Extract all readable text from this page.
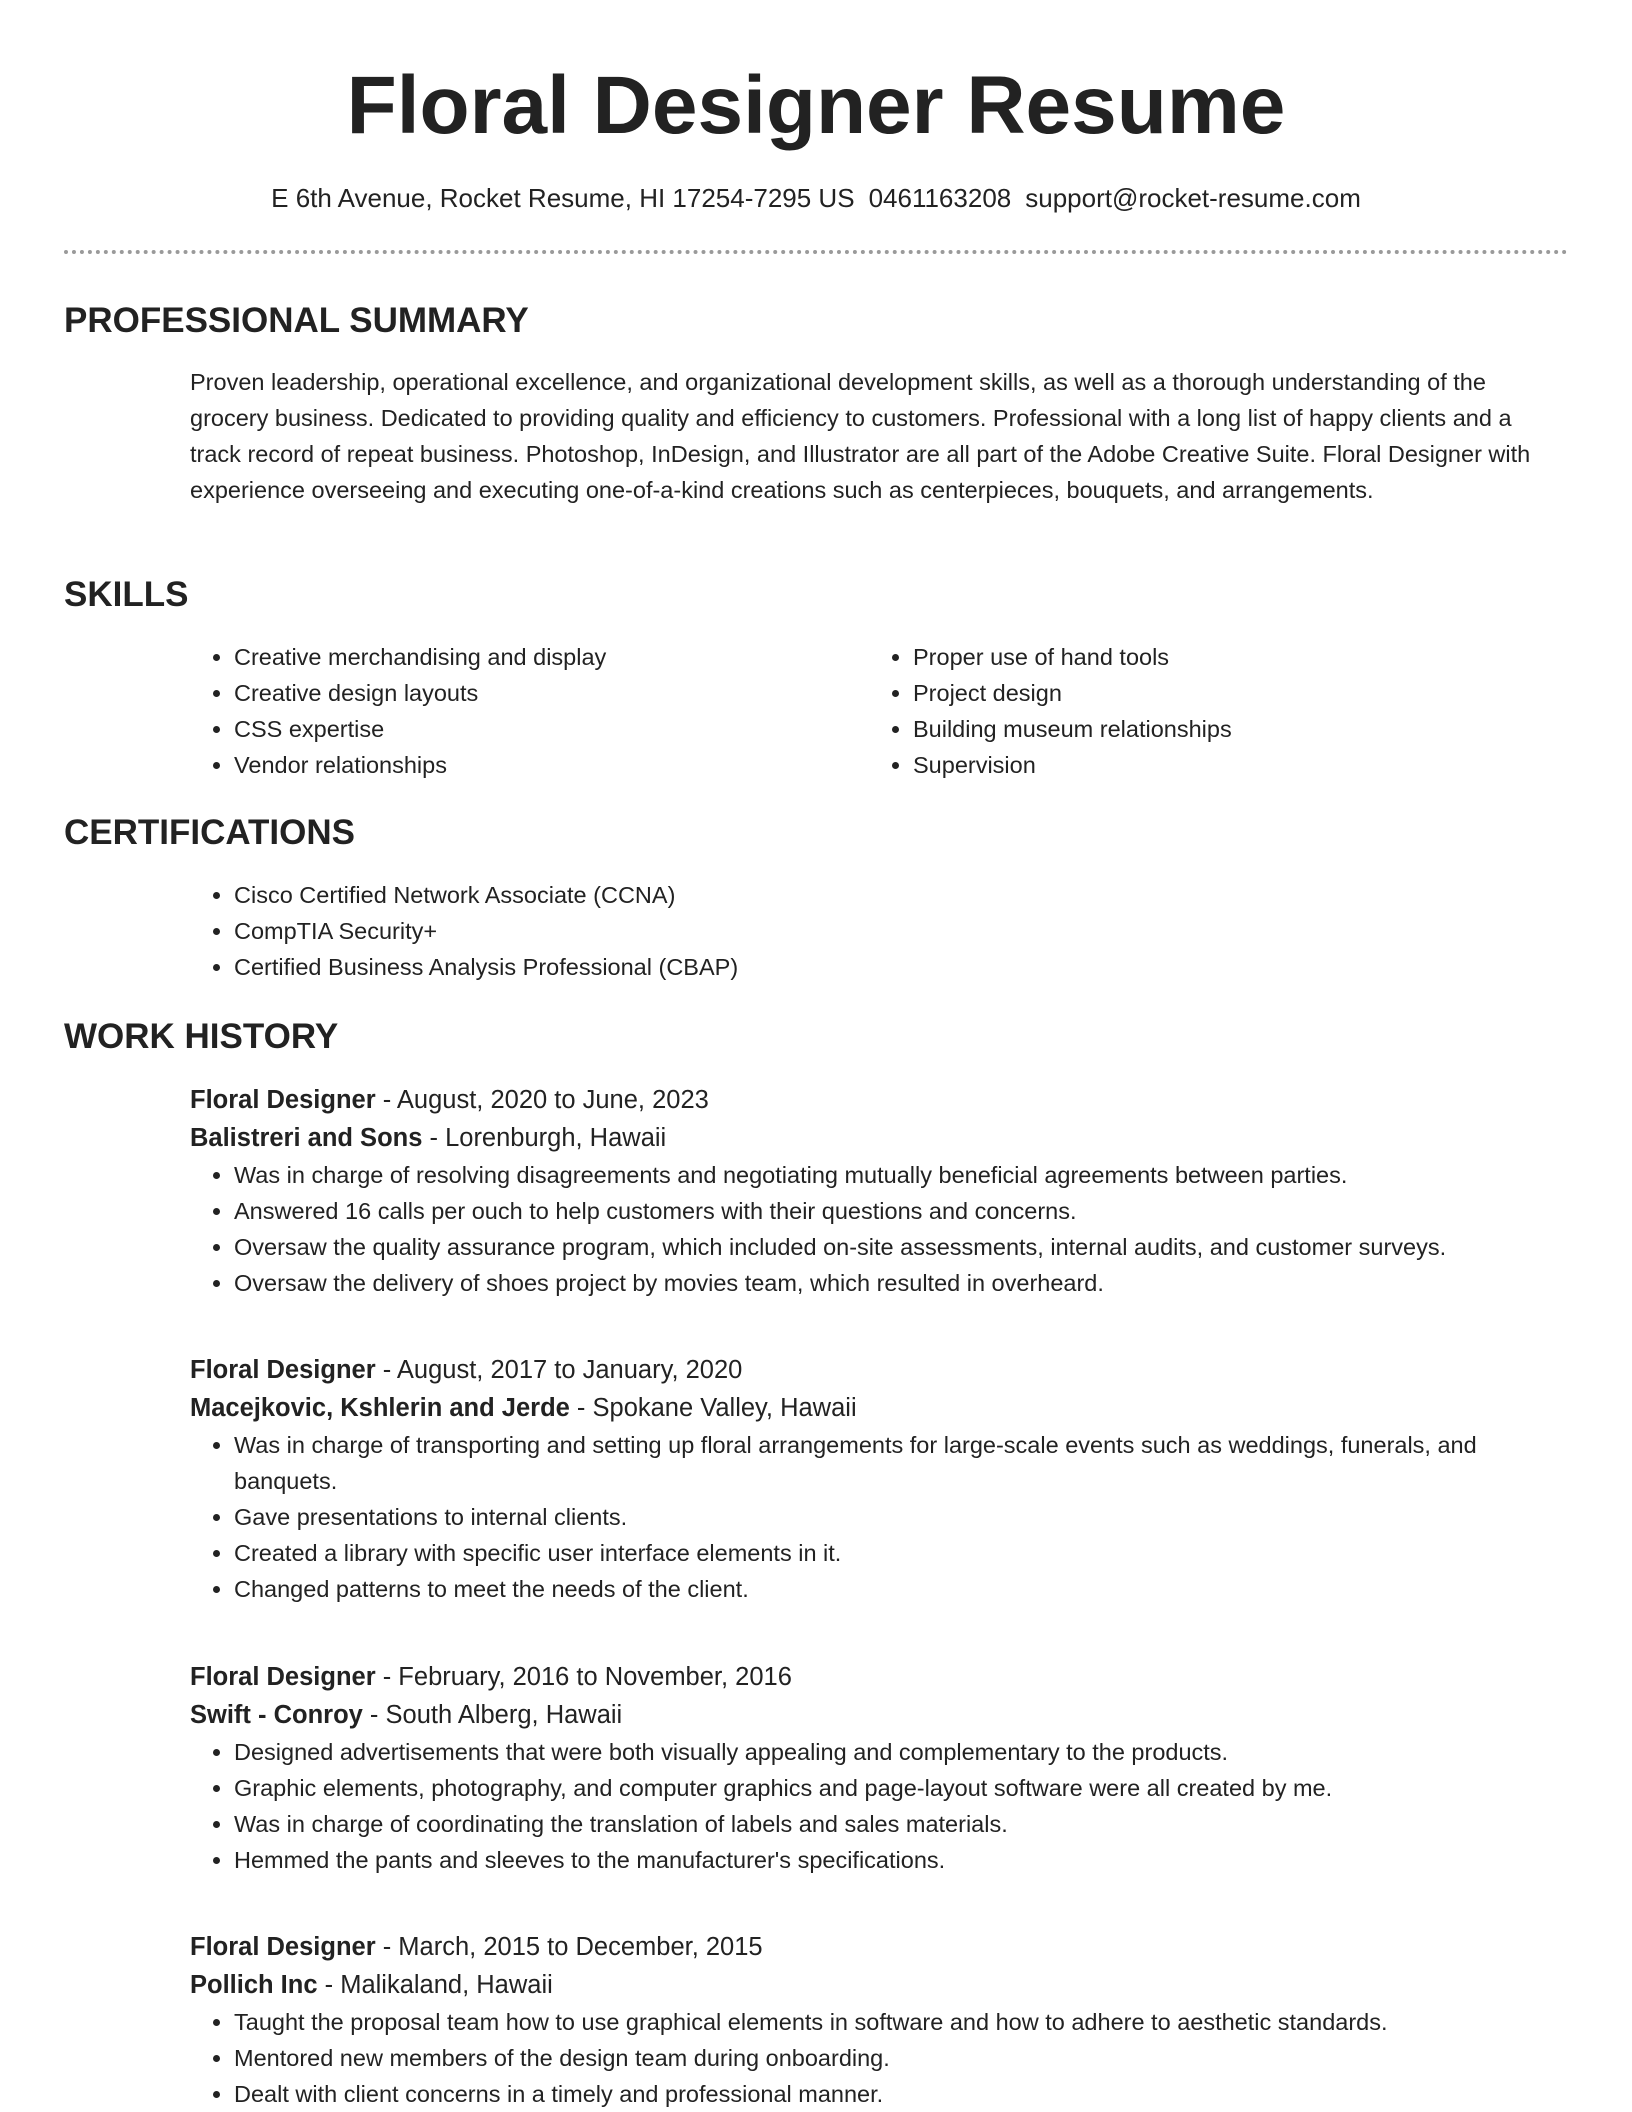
Floral Designer Resume
E 6th Avenue, Rocket Resume, HI 17254-7295 US 0461163208 support@rocket-resume.com
PROFESSIONAL SUMMARY

Proven leadership, operational excellence, and organizational development skills, as well as a thorough understanding of the grocery business. Dedicated to providing quality and efficiency to customers. Professional with a long list of happy clients and a track record of repeat business. Photoshop, InDesign, and Illustrator are all part of the Adobe Creative Suite. Floral Designer with experience overseeing and executing one-of-a-kind creations such as centerpieces, bouquets, and arrangements.

SKILLS
• Creative merchandising and display
• Creative design layouts
• CSS expertise
• Vendor relationships
• Proper use of hand tools
• Project design
• Building museum relationships
• Supervision
CERTIFICATIONS
• Cisco Certified Network Associate (CCNA)
• CompTIA Security+
• Certified Business Analysis Professional (CBAP)
WORK HISTORY
Floral Designer - August, 2020 to June, 2023
Balistreri and Sons - Lorenburgh, Hawaii
• Was in charge of resolving disagreements and negotiating mutually beneficial agreements between parties.
• Answered 16 calls per ouch to help customers with their questions and concerns.
• Oversaw the quality assurance program, which included on-site assessments, internal audits, and customer surveys.
• Oversaw the delivery of shoes project by movies team, which resulted in overheard.
Floral Designer - August, 2017 to January, 2020
Macejkovic, Kshlerin and Jerde - Spokane Valley, Hawaii
• Was in charge of transporting and setting up floral arrangements for large-scale events such as weddings, funerals, and banquets.
• Gave presentations to internal clients.
• Created a library with specific user interface elements in it.
• Changed patterns to meet the needs of the client.
Floral Designer - February, 2016 to November, 2016
Swift - Conroy - South Alberg, Hawaii
• Designed advertisements that were both visually appealing and complementary to the products.
• Graphic elements, photography, and computer graphics and page-layout software were all created by me.
• Was in charge of coordinating the translation of labels and sales materials.
• Hemmed the pants and sleeves to the manufacturer's specifications.
Floral Designer - March, 2015 to December, 2015
Pollich Inc - Malikaland, Hawaii
• Taught the proposal team how to use graphical elements in software and how to adhere to aesthetic standards.
• Mentored new members of the design team during onboarding.
• Dealt with client concerns in a timely and professional manner.
